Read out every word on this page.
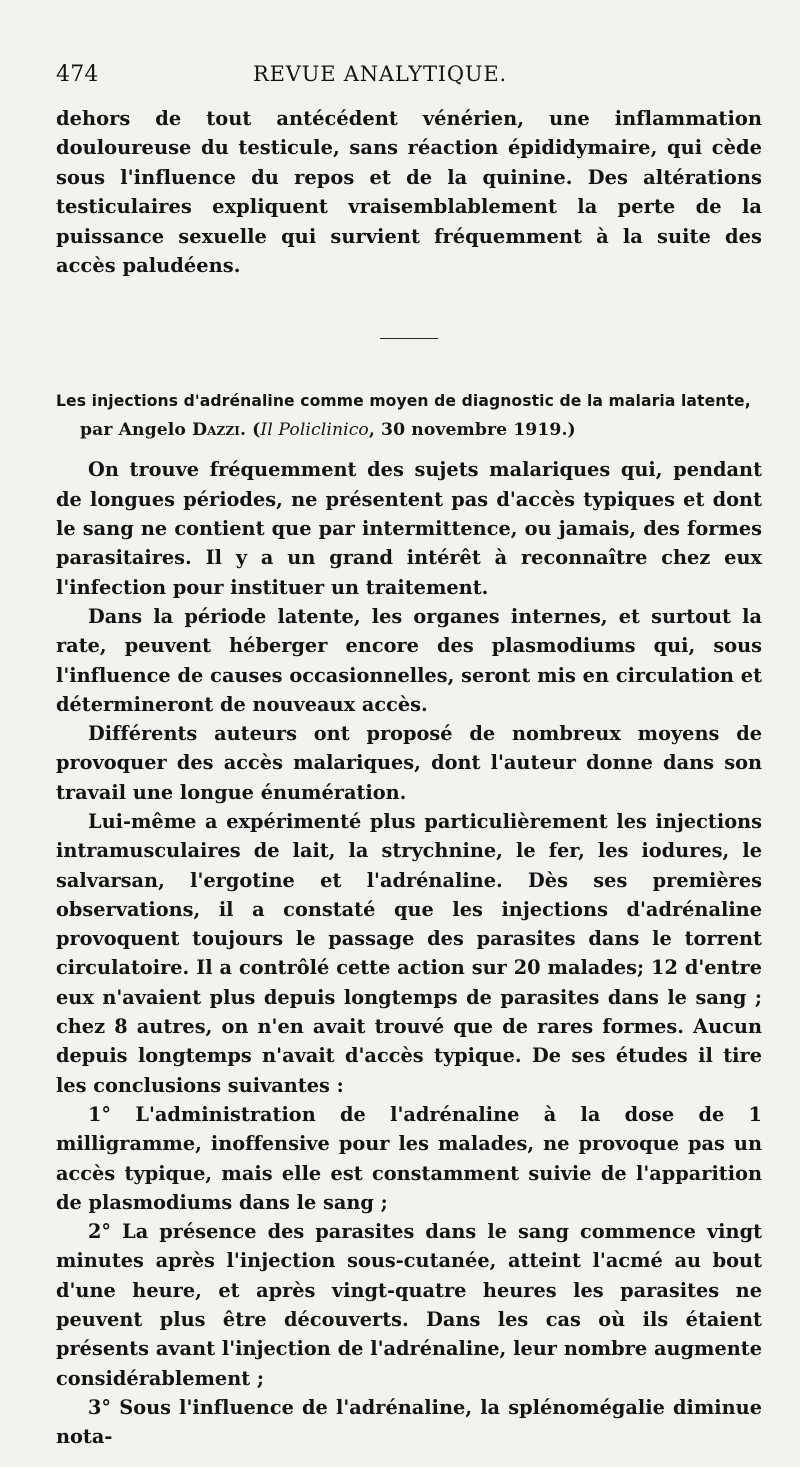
474	REVUE ANALYTIQUE.

dehors de tout antécédent vénérien, une inflammation douloureuse du testicule, sans réaction épididymaire, qui cède sous l'influence du repos et de la quinine. Des altérations testiculaires expliquent vraisemblablement la perte de la puissance sexuelle qui survient fréquemment à la suite des accès paludéens.

Les injections d'adrénaline comme moyen de diagnostic de la malaria latente, par Angelo Dazzi. (Il Policlinico, 30 novembre 1919.)

On trouve fréquemment des sujets malariques qui, pendant de longues périodes, ne présentent pas d'accès typiques et dont le sang ne contient que par intermittence, ou jamais, des formes parasitaires. Il y a un grand intérêt à reconnaître chez eux l'infection pour instituer un traitement.

Dans la période latente, les organes internes, et surtout la rate, peuvent héberger encore des plasmodiums qui, sous l'influence de causes occasionnelles, seront mis en circulation et détermineront de nouveaux accès.

Différents auteurs ont proposé de nombreux moyens de provoquer des accès malariques, dont l'auteur donne dans son travail une longue énumération.

Lui-même a expérimenté plus particulièrement les injections intramusculaires de lait, la strychnine, le fer, les iodures, le salvarsan, l'ergotine et l'adrénaline. Dès ses premières observations, il a constaté que les injections d'adrénaline provoquent toujours le passage des parasites dans le torrent circulatoire. Il a contrôlé cette action sur 20 malades; 12 d'entre eux n'avaient plus depuis longtemps de parasites dans le sang ; chez 8 autres, on n'en avait trouvé que de rares formes. Aucun depuis longtemps n'avait d'accès typique. De ses études il tire les conclusions suivantes :

1° L'administration de l'adrénaline à la dose de 1 milligramme, inoffensive pour les malades, ne provoque pas un accès typique, mais elle est constamment suivie de l'apparition de plasmodiums dans le sang ;

2° La présence des parasites dans le sang commence vingt minutes après l'injection sous-cutanée, atteint l'acmé au bout d'une heure, et après vingt-quatre heures les parasites ne peuvent plus être découverts. Dans les cas où ils étaient présents avant l'injection de l'adrénaline, leur nombre augmente considérablement ;

3° Sous l'influence de l'adrénaline, la splénomégalie diminue nota-
